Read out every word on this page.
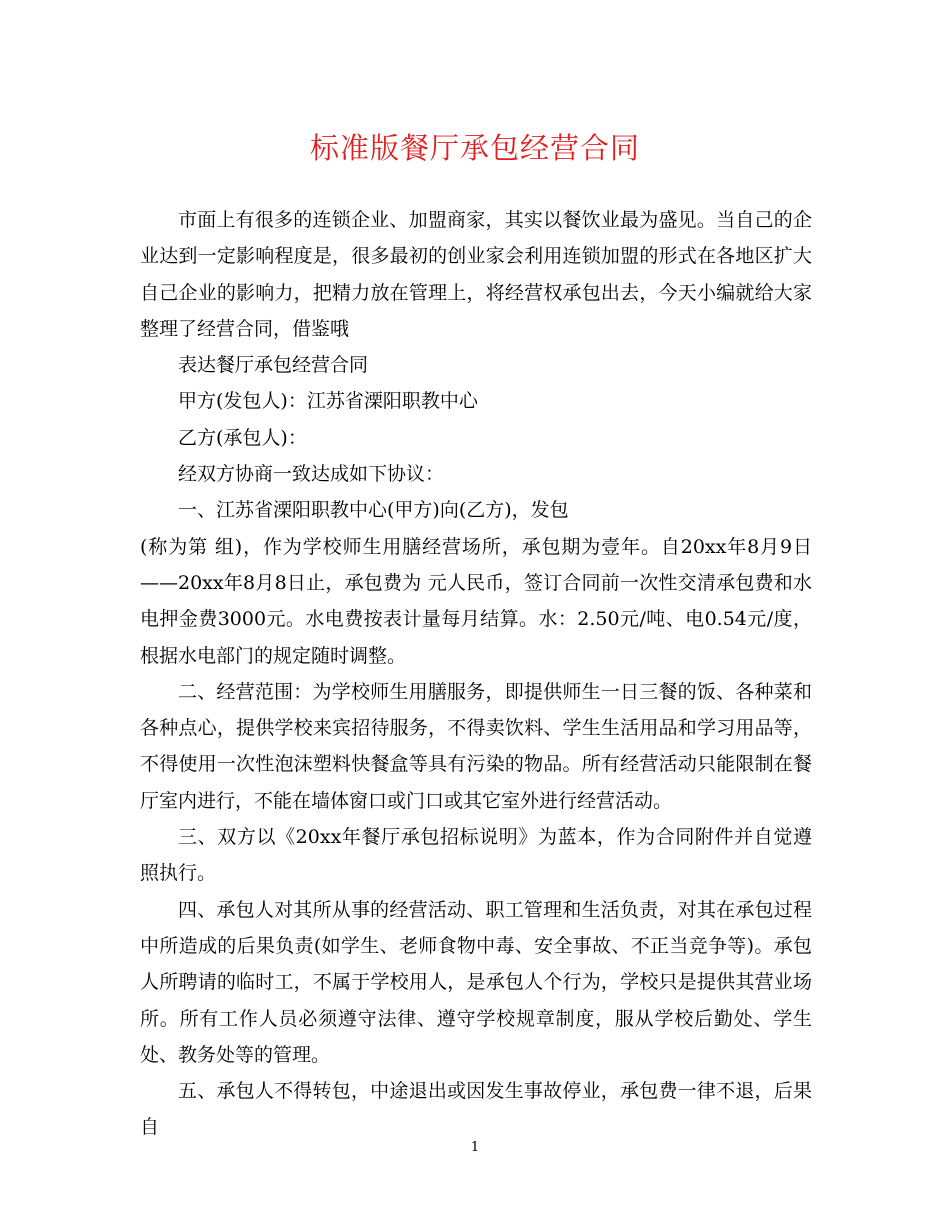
标准版餐厅承包经营合同

市面上有很多的连锁企业、加盟商家，其实以餐饮业最为盛见。当自己的企业达到一定影响程度是，很多最初的创业家会利用连锁加盟的形式在各地区扩大自己企业的影响力，把精力放在管理上，将经营权承包出去，今天小编就给大家整理了经营合同，借鉴哦

表达餐厅承包经营合同

甲方(发包人)：江苏省溧阳职教中心

乙方(承包人)：

经双方协商一致达成如下协议：

一、江苏省溧阳职教中心(甲方)向(乙方)，发包

(称为第 组)，作为学校师生用膳经营场所，承包期为壹年。自20xx年8月9日——20xx年8月8日止，承包费为 元人民币，签订合同前一次性交清承包费和水电押金费3000元。水电费按表计量每月结算。水：2.50元/吨、电0.54元/度，根据水电部门的规定随时调整。

二、经营范围：为学校师生用膳服务，即提供师生一日三餐的饭、各种菜和各种点心，提供学校来宾招待服务，不得卖饮料、学生生活用品和学习用品等，不得使用一次性泡沫塑料快餐盒等具有污染的物品。所有经营活动只能限制在餐厅室内进行，不能在墙体窗口或门口或其它室外进行经营活动。

三、双方以《20xx年餐厅承包招标说明》为蓝本，作为合同附件并自觉遵照执行。

四、承包人对其所从事的经营活动、职工管理和生活负责，对其在承包过程中所造成的后果负责(如学生、老师食物中毒、安全事故、不正当竞争等)。承包人所聘请的临时工，不属于学校用人，是承包人个行为，学校只是提供其营业场所。所有工作人员必须遵守法律、遵守学校规章制度，服从学校后勤处、学生处、教务处等的管理。

五、承包人不得转包，中途退出或因发生事故停业，承包费一律不退，后果自

1
